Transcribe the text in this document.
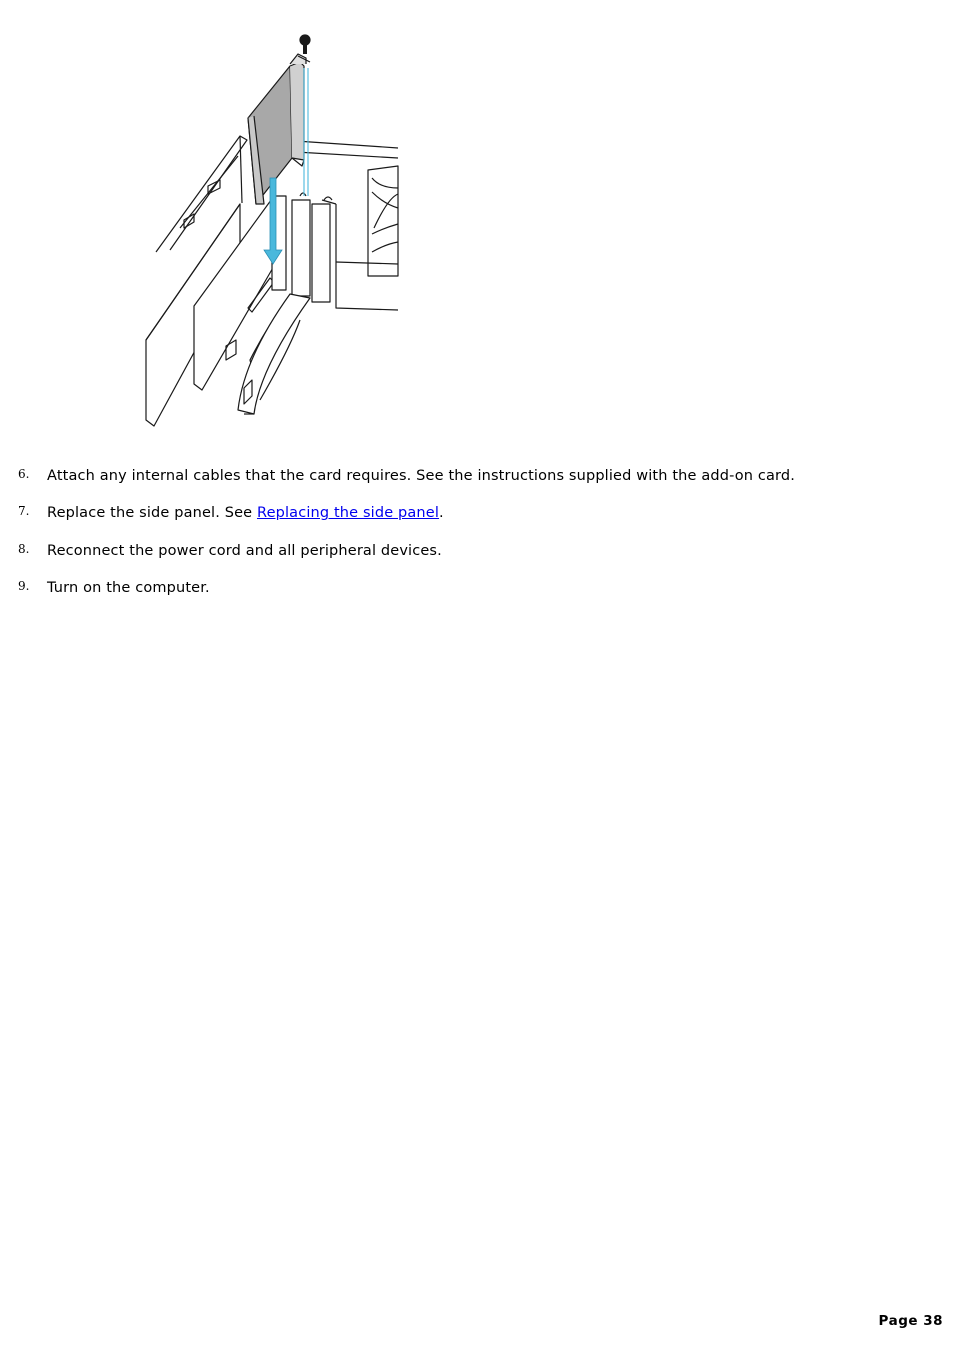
6. Attach any internal cables that the card requires. See the instructions supplied with the add-on card.
7. Replace the side panel. See Replacing the side panel.
8. Reconnect the power cord and all peripheral devices.
9. Turn on the computer.
Page 38
